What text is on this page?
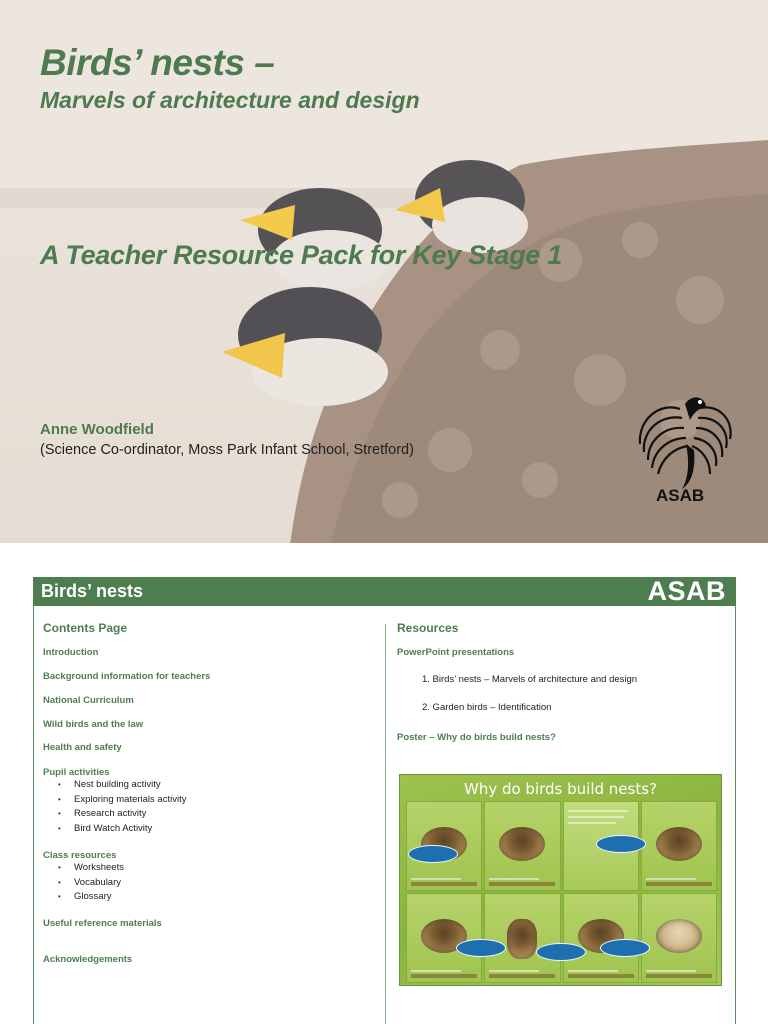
Birds’ nests –
Marvels of architecture and design
A Teacher Resource Pack for Key Stage 1
Anne Woodfield
(Science Co-ordinator, Moss Park Infant School, Stretford)
ASAB
Birds’ nests	ASAB
Contents Page
Introduction
Background information for teachers
National Curriculum
Wild birds and the law
Health and safety
Pupil activities
• Nest building activity
• Exploring materials activity
• Research activity
• Bird Watch Activity
Class resources
• Worksheets
• Vocabulary
• Glossary
Useful reference materials
Acknowledgements
Resources
PowerPoint presentations
1. Birds’ nests – Marvels of architecture and design
2. Garden birds – Identification
Poster – Why do birds build nests?
Why do birds build nests?
